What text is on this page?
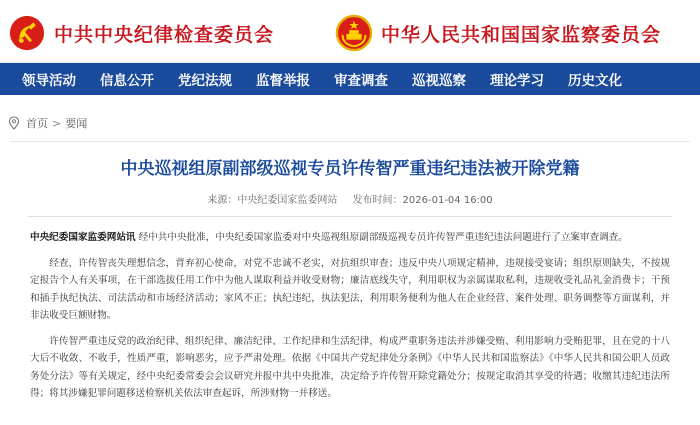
中共中央纪律检查委员会	中华人民共和国国家监察委员会
领导活动	信息公开	党纪法规	监督举报	审查调查	巡视巡察	理论学习	历史文化
首页 > 要闻
中央巡视组原副部级巡视专员许传智严重违纪违法被开除党籍
来源：中央纪委国家监委网站 发布时间：2026-01-04 16:00

中央纪委国家监委网站讯 经中共中央批准，中央纪委国家监委对中央巡视组原副部级巡视专员许传智严重违纪违法问题进行了立案审查调查。

经查，许传智丧失理想信念，背弃初心使命，对党不忠诚不老实，对抗组织审查；违反中央八项规定精神，违规接受宴请；组织原则缺失，不按规定报告个人有关事项，在干部选拔任用工作中为他人谋取利益并收受财物；廉洁底线失守，利用职权为亲属谋取私利，违规收受礼品礼金消费卡；干预和插手执纪执法、司法活动和市场经济活动；家风不正；执纪违纪，执法犯法，利用职务便利为他人在企业经营、案件处理、职务调整等方面谋利，并非法收受巨额财物。

许传智严重违反党的政治纪律、组织纪律、廉洁纪律、工作纪律和生活纪律，构成严重职务违法并涉嫌受贿、利用影响力受贿犯罪，且在党的十八大后不收敛、不收手，性质严重，影响恶劣，应予严肃处理。依据《中国共产党纪律处分条例》《中华人民共和国监察法》《中华人民共和国公职人员政务处分法》等有关规定，经中央纪委常委会会议研究并报中共中央批准，决定给予许传智开除党籍处分；按规定取消其享受的待遇；收缴其违纪违法所得；将其涉嫌犯罪问题移送检察机关依法审查起诉，所涉财物一并移送。
